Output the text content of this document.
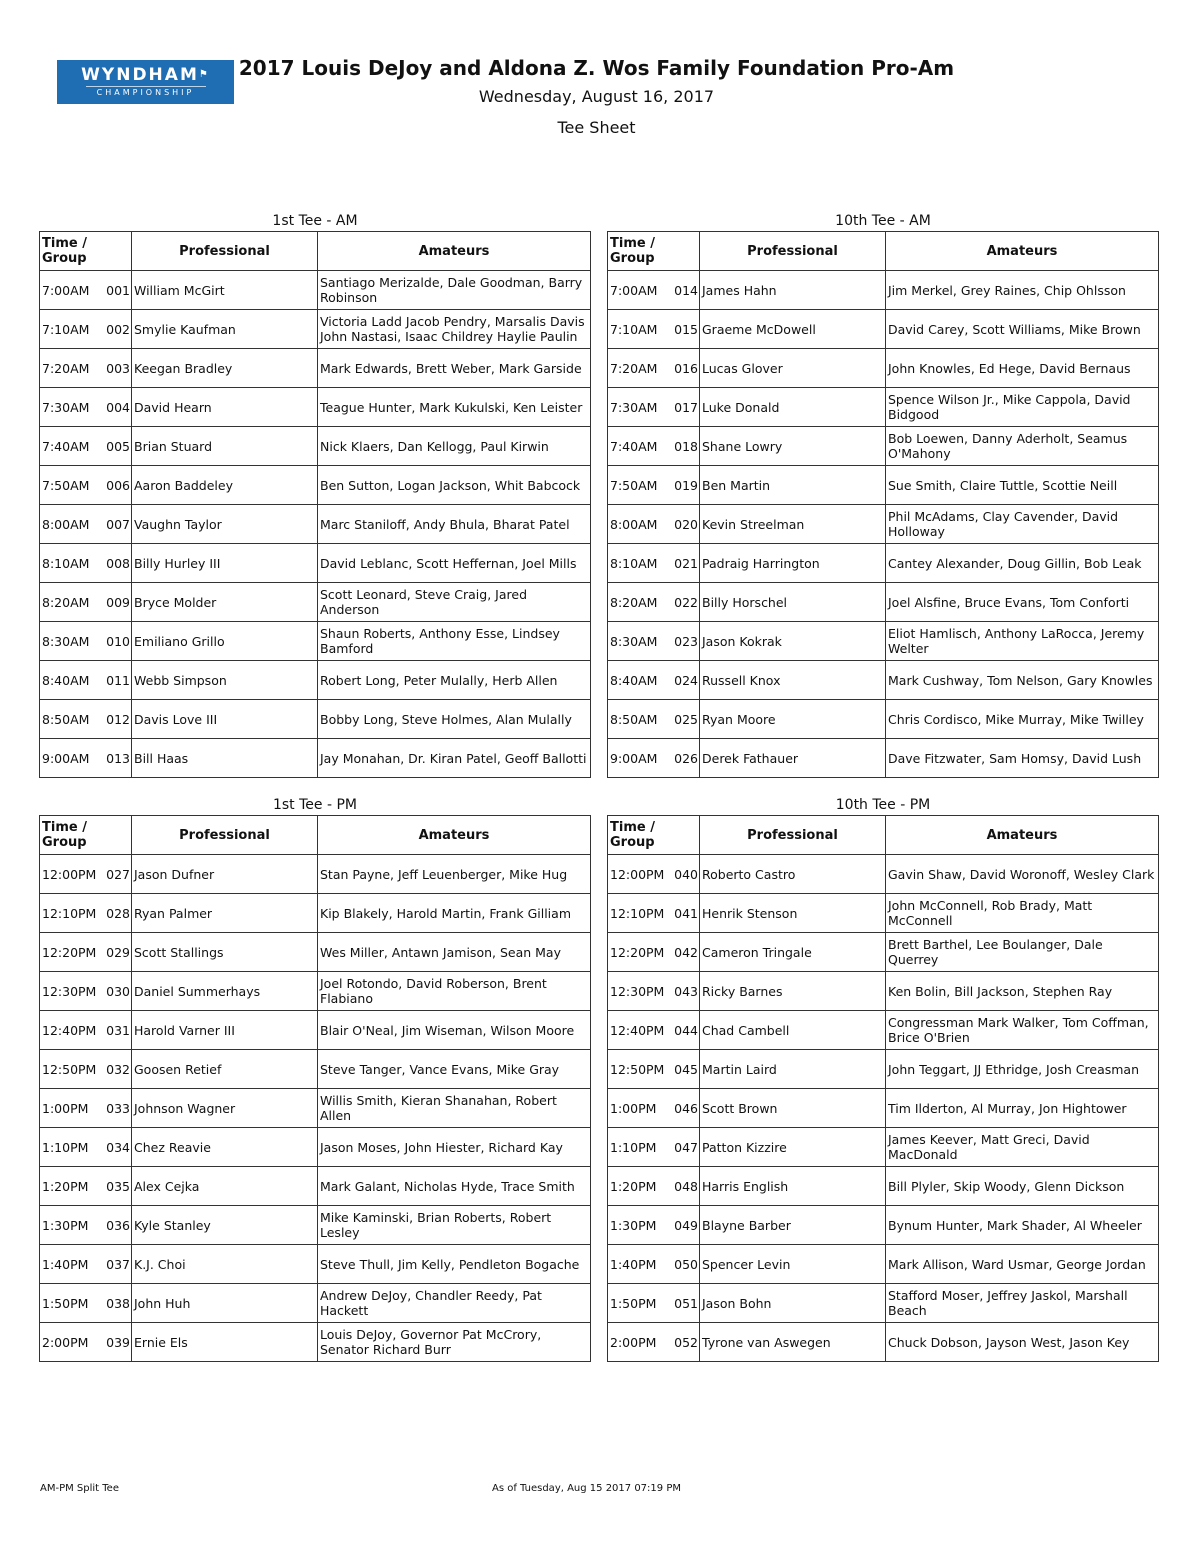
WYNDHAM⚑
CHAMPIONSHIP
2017 Louis DeJoy and Aldona Z. Wos Family Foundation Pro-Am
Wednesday, August 16, 2017
Tee Sheet
1st Tee - AM
Time / Group	Professional	Amateurs
7:00AM 001	William McGirt	Santiago Merizalde, Dale Goodman, Barry Robinson
7:10AM 002	Smylie Kaufman	Victoria Ladd Jacob Pendry, Marsalis Davis John Nastasi, Isaac Childrey Haylie Paulin
7:20AM 003	Keegan Bradley	Mark Edwards, Brett Weber, Mark Garside
7:30AM 004	David Hearn	Teague Hunter, Mark Kukulski, Ken Leister
7:40AM 005	Brian Stuard	Nick Klaers, Dan Kellogg, Paul Kirwin
7:50AM 006	Aaron Baddeley	Ben Sutton, Logan Jackson, Whit Babcock
8:00AM 007	Vaughn Taylor	Marc Staniloff, Andy Bhula, Bharat Patel
8:10AM 008	Billy Hurley III	David Leblanc, Scott Heffernan, Joel Mills
8:20AM 009	Bryce Molder	Scott Leonard, Steve Craig, Jared Anderson
8:30AM 010	Emiliano Grillo	Shaun Roberts, Anthony Esse, Lindsey Bamford
8:40AM 011	Webb Simpson	Robert Long, Peter Mulally, Herb Allen
8:50AM 012	Davis Love III	Bobby Long, Steve Holmes, Alan Mulally
9:00AM 013	Bill Haas	Jay Monahan, Dr. Kiran Patel, Geoff Ballotti
10th Tee - AM
Time / Group	Professional	Amateurs
7:00AM 014	James Hahn	Jim Merkel, Grey Raines, Chip Ohlsson
7:10AM 015	Graeme McDowell	David Carey, Scott Williams, Mike Brown
7:20AM 016	Lucas Glover	John Knowles, Ed Hege, David Bernaus
7:30AM 017	Luke Donald	Spence Wilson Jr., Mike Cappola, David Bidgood
7:40AM 018	Shane Lowry	Bob Loewen, Danny Aderholt, Seamus O'Mahony
7:50AM 019	Ben Martin	Sue Smith, Claire Tuttle, Scottie Neill
8:00AM 020	Kevin Streelman	Phil McAdams, Clay Cavender, David Holloway
8:10AM 021	Padraig Harrington	Cantey Alexander, Doug Gillin, Bob Leak
8:20AM 022	Billy Horschel	Joel Alsfine, Bruce Evans, Tom Conforti
8:30AM 023	Jason Kokrak	Eliot Hamlisch, Anthony LaRocca, Jeremy Welter
8:40AM 024	Russell Knox	Mark Cushway, Tom Nelson, Gary Knowles
8:50AM 025	Ryan Moore	Chris Cordisco, Mike Murray, Mike Twilley
9:00AM 026	Derek Fathauer	Dave Fitzwater, Sam Homsy, David Lush
1st Tee - PM
Time / Group	Professional	Amateurs
12:00PM 027	Jason Dufner	Stan Payne, Jeff Leuenberger, Mike Hug
12:10PM 028	Ryan Palmer	Kip Blakely, Harold Martin, Frank Gilliam
12:20PM 029	Scott Stallings	Wes Miller, Antawn Jamison, Sean May
12:30PM 030	Daniel Summerhays	Joel Rotondo, David Roberson, Brent Flabiano
12:40PM 031	Harold Varner III	Blair O'Neal, Jim Wiseman, Wilson Moore
12:50PM 032	Goosen Retief	Steve Tanger, Vance Evans, Mike Gray
1:00PM 033	Johnson Wagner	Willis Smith, Kieran Shanahan, Robert Allen
1:10PM 034	Chez Reavie	Jason Moses, John Hiester, Richard Kay
1:20PM 035	Alex Cejka	Mark Galant, Nicholas Hyde, Trace Smith
1:30PM 036	Kyle Stanley	Mike Kaminski, Brian Roberts, Robert Lesley
1:40PM 037	K.J. Choi	Steve Thull, Jim Kelly, Pendleton Bogache
1:50PM 038	John Huh	Andrew DeJoy, Chandler Reedy, Pat Hackett
2:00PM 039	Ernie Els	Louis DeJoy, Governor Pat McCrory, Senator Richard Burr
10th Tee - PM
Time / Group	Professional	Amateurs
12:00PM 040	Roberto Castro	Gavin Shaw, David Woronoff, Wesley Clark
12:10PM 041	Henrik Stenson	John McConnell, Rob Brady, Matt McConnell
12:20PM 042	Cameron Tringale	Brett Barthel, Lee Boulanger, Dale Querrey
12:30PM 043	Ricky Barnes	Ken Bolin, Bill Jackson, Stephen Ray
12:40PM 044	Chad Cambell	Congressman Mark Walker, Tom Coffman, Brice O'Brien
12:50PM 045	Martin Laird	John Teggart, JJ Ethridge, Josh Creasman
1:00PM 046	Scott Brown	Tim Ilderton, Al Murray, Jon Hightower
1:10PM 047	Patton Kizzire	James Keever, Matt Greci, David MacDonald
1:20PM 048	Harris English	Bill Plyler, Skip Woody, Glenn Dickson
1:30PM 049	Blayne Barber	Bynum Hunter, Mark Shader, Al Wheeler
1:40PM 050	Spencer Levin	Mark Allison, Ward Usmar, George Jordan
1:50PM 051	Jason Bohn	Stafford Moser, Jeffrey Jaskol, Marshall Beach
2:00PM 052	Tyrone van Aswegen	Chuck Dobson, Jayson West, Jason Key
AM-PM Split Tee	As of Tuesday, Aug 15 2017 07:19 PM
